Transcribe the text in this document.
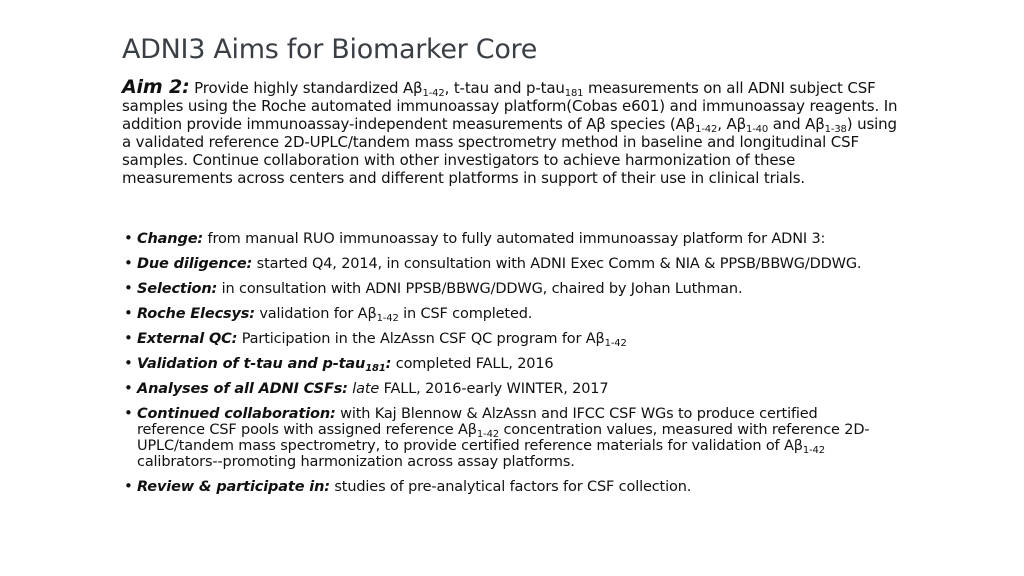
ADNI3 Aims for Biomarker Core

Aim 2: Provide highly standardized $A\beta_{1-42}$, t-tau and p-tau$_{181}$ measurements on all ADNI subject CSF samples using the Roche automated immunoassay platform(Cobas e601) and immunoassay reagents. In addition provide immunoassay-independent measurements of Aβ species ($A\beta_{1-42}$, $A\beta_{1-40}$ and $A\beta_{1-38}$) using a validated reference 2D-UPLC/tandem mass spectrometry method in baseline and longitudinal CSF samples. Continue collaboration with other investigators to achieve harmonization of these measurements across centers and different platforms in support of their use in clinical trials.

• Change: from manual RUO immunoassay to fully automated immunoassay platform for ADNI 3:
• Due diligence: started Q4, 2014, in consultation with ADNI Exec Comm & NIA & PPSB/BBWG/DDWG.
• Selection: in consultation with ADNI PPSB/BBWG/DDWG, chaired by Johan Luthman.
• Roche Elecsys: validation for $A\beta_{1-42}$ in CSF completed.
• External QC: Participation in the AlzAssn CSF QC program for $A\beta_{1-42}$
• Validation of t-tau and p-tau$_{181}$: completed FALL, 2016
• Analyses of all ADNI CSFs: late FALL, 2016-early WINTER, 2017
• Continued collaboration: with Kaj Blennow & AlzAssn and IFCC CSF WGs to produce certified reference CSF pools with assigned reference $A\beta_{1-42}$ concentration values, measured with reference 2D-UPLC/tandem mass spectrometry, to provide certified reference materials for validation of $A\beta_{1-42}$ calibrators--promoting harmonization across assay platforms.
• Review & participate in: studies of pre-analytical factors for CSF collection.
